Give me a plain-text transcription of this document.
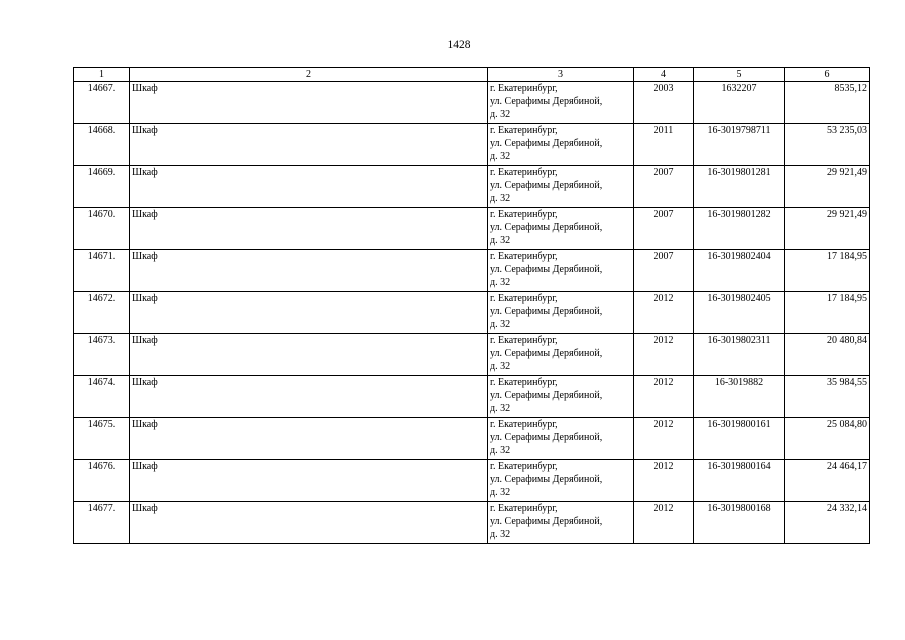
1428
1	2	3	4	5	6
14667.	Шкаф	г. Екатеринбург,
ул. Серафимы Дерябиной,
д. 32	2003	1632207	8535,12
14668.	Шкаф	г. Екатеринбург,
ул. Серафимы Дерябиной,
д. 32	2011	16-3019798711	53 235,03
14669.	Шкаф	г. Екатеринбург,
ул. Серафимы Дерябиной,
д. 32	2007	16-3019801281	29 921,49
14670.	Шкаф	г. Екатеринбург,
ул. Серафимы Дерябиной,
д. 32	2007	16-3019801282	29 921,49
14671.	Шкаф	г. Екатеринбург,
ул. Серафимы Дерябиной,
д. 32	2007	16-3019802404	17 184,95
14672.	Шкаф	г. Екатеринбург,
ул. Серафимы Дерябиной,
д. 32	2012	16-3019802405	17 184,95
14673.	Шкаф	г. Екатеринбург,
ул. Серафимы Дерябиной,
д. 32	2012	16-3019802311	20 480,84
14674.	Шкаф	г. Екатеринбург,
ул. Серафимы Дерябиной,
д. 32	2012	16-3019882	35 984,55
14675.	Шкаф	г. Екатеринбург,
ул. Серафимы Дерябиной,
д. 32	2012	16-3019800161	25 084,80
14676.	Шкаф	г. Екатеринбург,
ул. Серафимы Дерябиной,
д. 32	2012	16-3019800164	24 464,17
14677.	Шкаф	г. Екатеринбург,
ул. Серафимы Дерябиной,
д. 32	2012	16-3019800168	24 332,14
